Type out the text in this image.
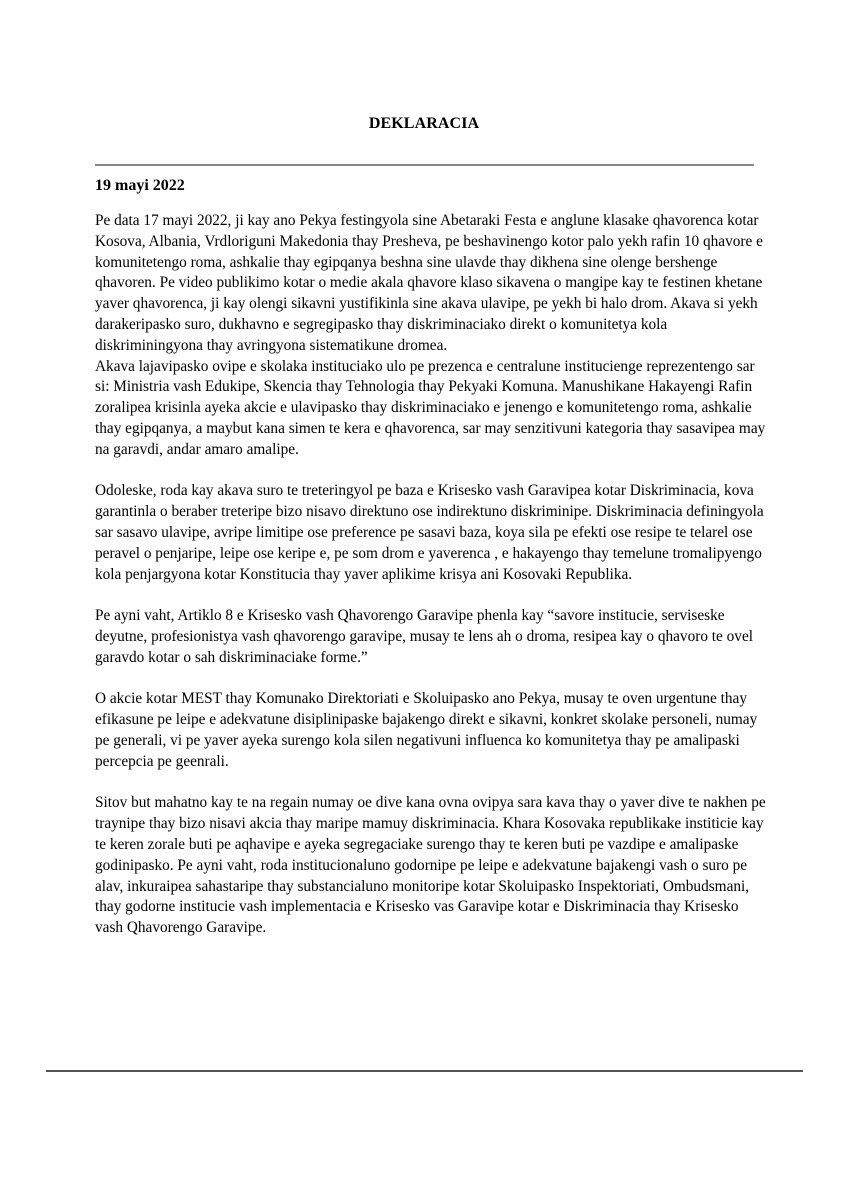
DEKLARACIA
19 mayi 2022

Pe data 17 mayi 2022, ji kay ano Pekya festingyola sine Abetaraki Festa e anglune klasake qhavorenca kotar Kosova, Albania, Vrdloriguni Makedonia thay Presheva, pe beshavinengo kotor palo yekh rafin 10 qhavore e komunitetengo roma, ashkalie thay egipqanya beshna sine ulavde thay dikhena sine olenge bershenge qhavoren. Pe video publikimo kotar o medie akala qhavore klaso sikavena o mangipe kay te festinen khetane yaver qhavorenca, ji kay olengi sikavni yustifikinla sine akava ulavipe, pe yekh bi halo drom. Akava si yekh darakeripasko suro, dukhavno e segregipasko thay diskriminaciako direkt o komunitetya kola diskriminingyona thay avringyona sistematikune dromea.

Akava lajavipasko ovipe e skolaka instituciako ulo pe prezenca e centralune institucienge reprezentengo sar si: Ministria vash Edukipe, Skencia thay Tehnologia thay Pekyaki Komuna. Manushikane Hakayengi Rafin zoralipea krisinla ayeka akcie e ulavipasko thay diskriminaciako e jenengo e komunitetengo roma, ashkalie thay egipqanya, a maybut kana simen te kera e qhavorenca, sar may senzitivuni kategoria thay sasavipea may na garavdi, andar amaro amalipe.

Odoleske, roda kay akava suro te treteringyol pe baza e Krisesko vash Garavipea kotar Diskriminacia, kova garantinla o beraber treteripe bizo nisavo direktuno ose indirektuno diskriminipe. Diskriminacia definingyola sar sasavo ulavipe, avripe limitipe ose preference pe sasavi baza, koya sila pe efekti ose resipe te telarel ose peravel o penjaripe, leipe ose keripe e, pe som drom e yaverenca , e hakayengo thay temelune tromalipyengo kola penjargyona kotar Konstitucia thay yaver aplikime krisya ani Kosovaki Republika.

Pe ayni vaht, Artiklo 8 e Krisesko vash Qhavorengo Garavipe phenla kay “savore institucie, serviseske deyutne, profesionistya vash qhavorengo garavipe, musay te lens ah o droma, resipea kay o qhavoro te ovel garavdo kotar o sah diskriminaciake forme.”

O akcie kotar MEST thay Komunako Direktoriati e Skoluipasko ano Pekya, musay te oven urgentune thay efikasune pe leipe e adekvatune disiplinipaske bajakengo direkt e sikavni, konkret skolake personeli, numay pe generali, vi pe yaver ayeka surengo kola silen negativuni influenca ko komunitetya thay pe amalipaski percepcia pe geenrali.

Sitov but mahatno kay te na regain numay oe dive kana ovna ovipya sara kava thay o yaver dive te nakhen pe traynipe thay bizo nisavi akcia thay maripe mamuy diskriminacia. Khara Kosovaka republikake institicie kay te keren zorale buti pe aqhavipe e ayeka segregaciake surengo thay te keren buti pe vazdipe e amalipaske godinipasko. Pe ayni vaht, roda institucionaluno godornipe pe leipe e adekvatune bajakengi vash o suro pe alav, inkuraipea sahastaripe thay substancialuno monitoripe kotar Skoluipasko Inspektoriati, Ombudsmani, thay godorne institucie vash implementacia e Krisesko vas Garavipe kotar e Diskriminacia thay Krisesko vash Qhavorengo Garavipe.
